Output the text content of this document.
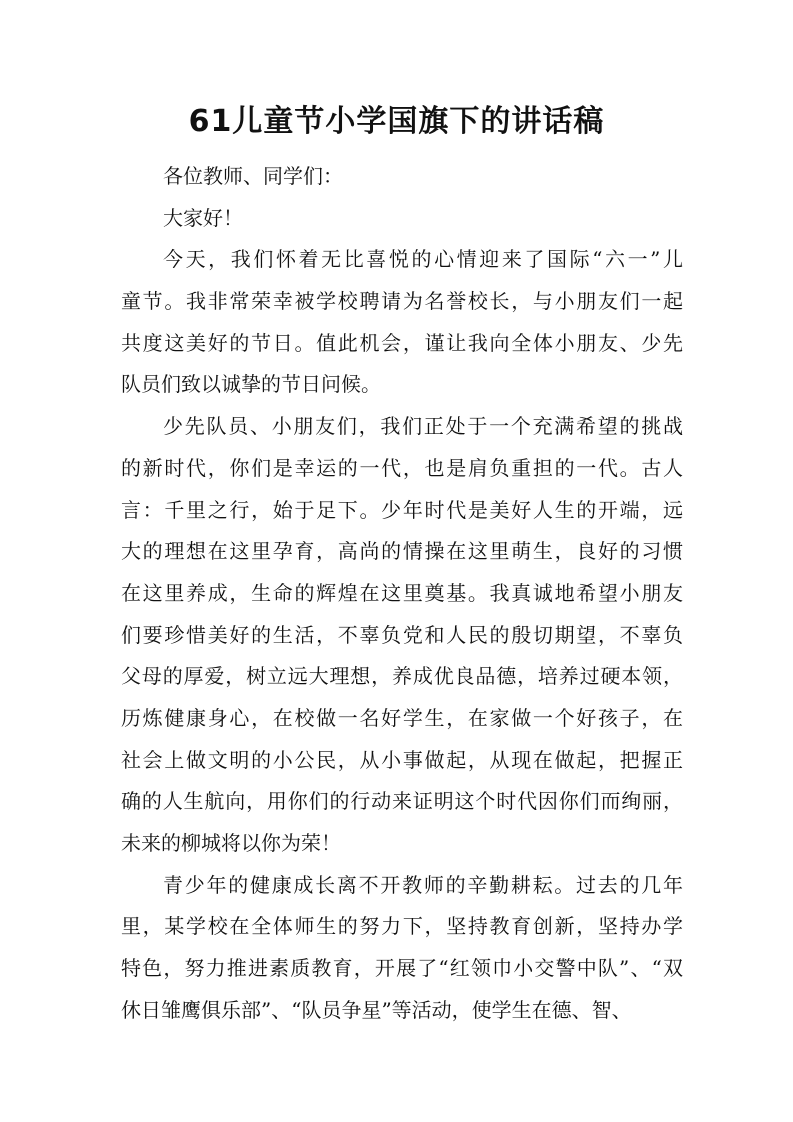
61儿童节小学国旗下的讲话稿
各位教师、同学们：
大家好！
今天，我们怀着无比喜悦的心情迎来了国际“六一”儿
童节。我非常荣幸被学校聘请为名誉校长，与小朋友们一起
共度这美好的节日。值此机会，谨让我向全体小朋友、少先
队员们致以诚挚的节日问候。
少先队员、小朋友们，我们正处于一个充满希望的挑战
的新时代，你们是幸运的一代，也是肩负重担的一代。古人
言：千里之行，始于足下。少年时代是美好人生的开端，远
大的理想在这里孕育，高尚的情操在这里萌生，良好的习惯
在这里养成，生命的辉煌在这里奠基。我真诚地希望小朋友
们要珍惜美好的生活，不辜负党和人民的殷切期望，不辜负
父母的厚爱，树立远大理想，养成优良品德，培养过硬本领，
历炼健康身心，在校做一名好学生，在家做一个好孩子，在
社会上做文明的小公民，从小事做起，从现在做起，把握正
确的人生航向，用你们的行动来证明这个时代因你们而绚丽，
未来的柳城将以你为荣！
青少年的健康成长离不开教师的辛勤耕耘。过去的几年
里，某学校在全体师生的努力下，坚持教育创新，坚持办学
特色，努力推进素质教育，开展了“红领巾小交警中队”、“双
休日雏鹰俱乐部”、“队员争星”等活动，使学生在德、智、
